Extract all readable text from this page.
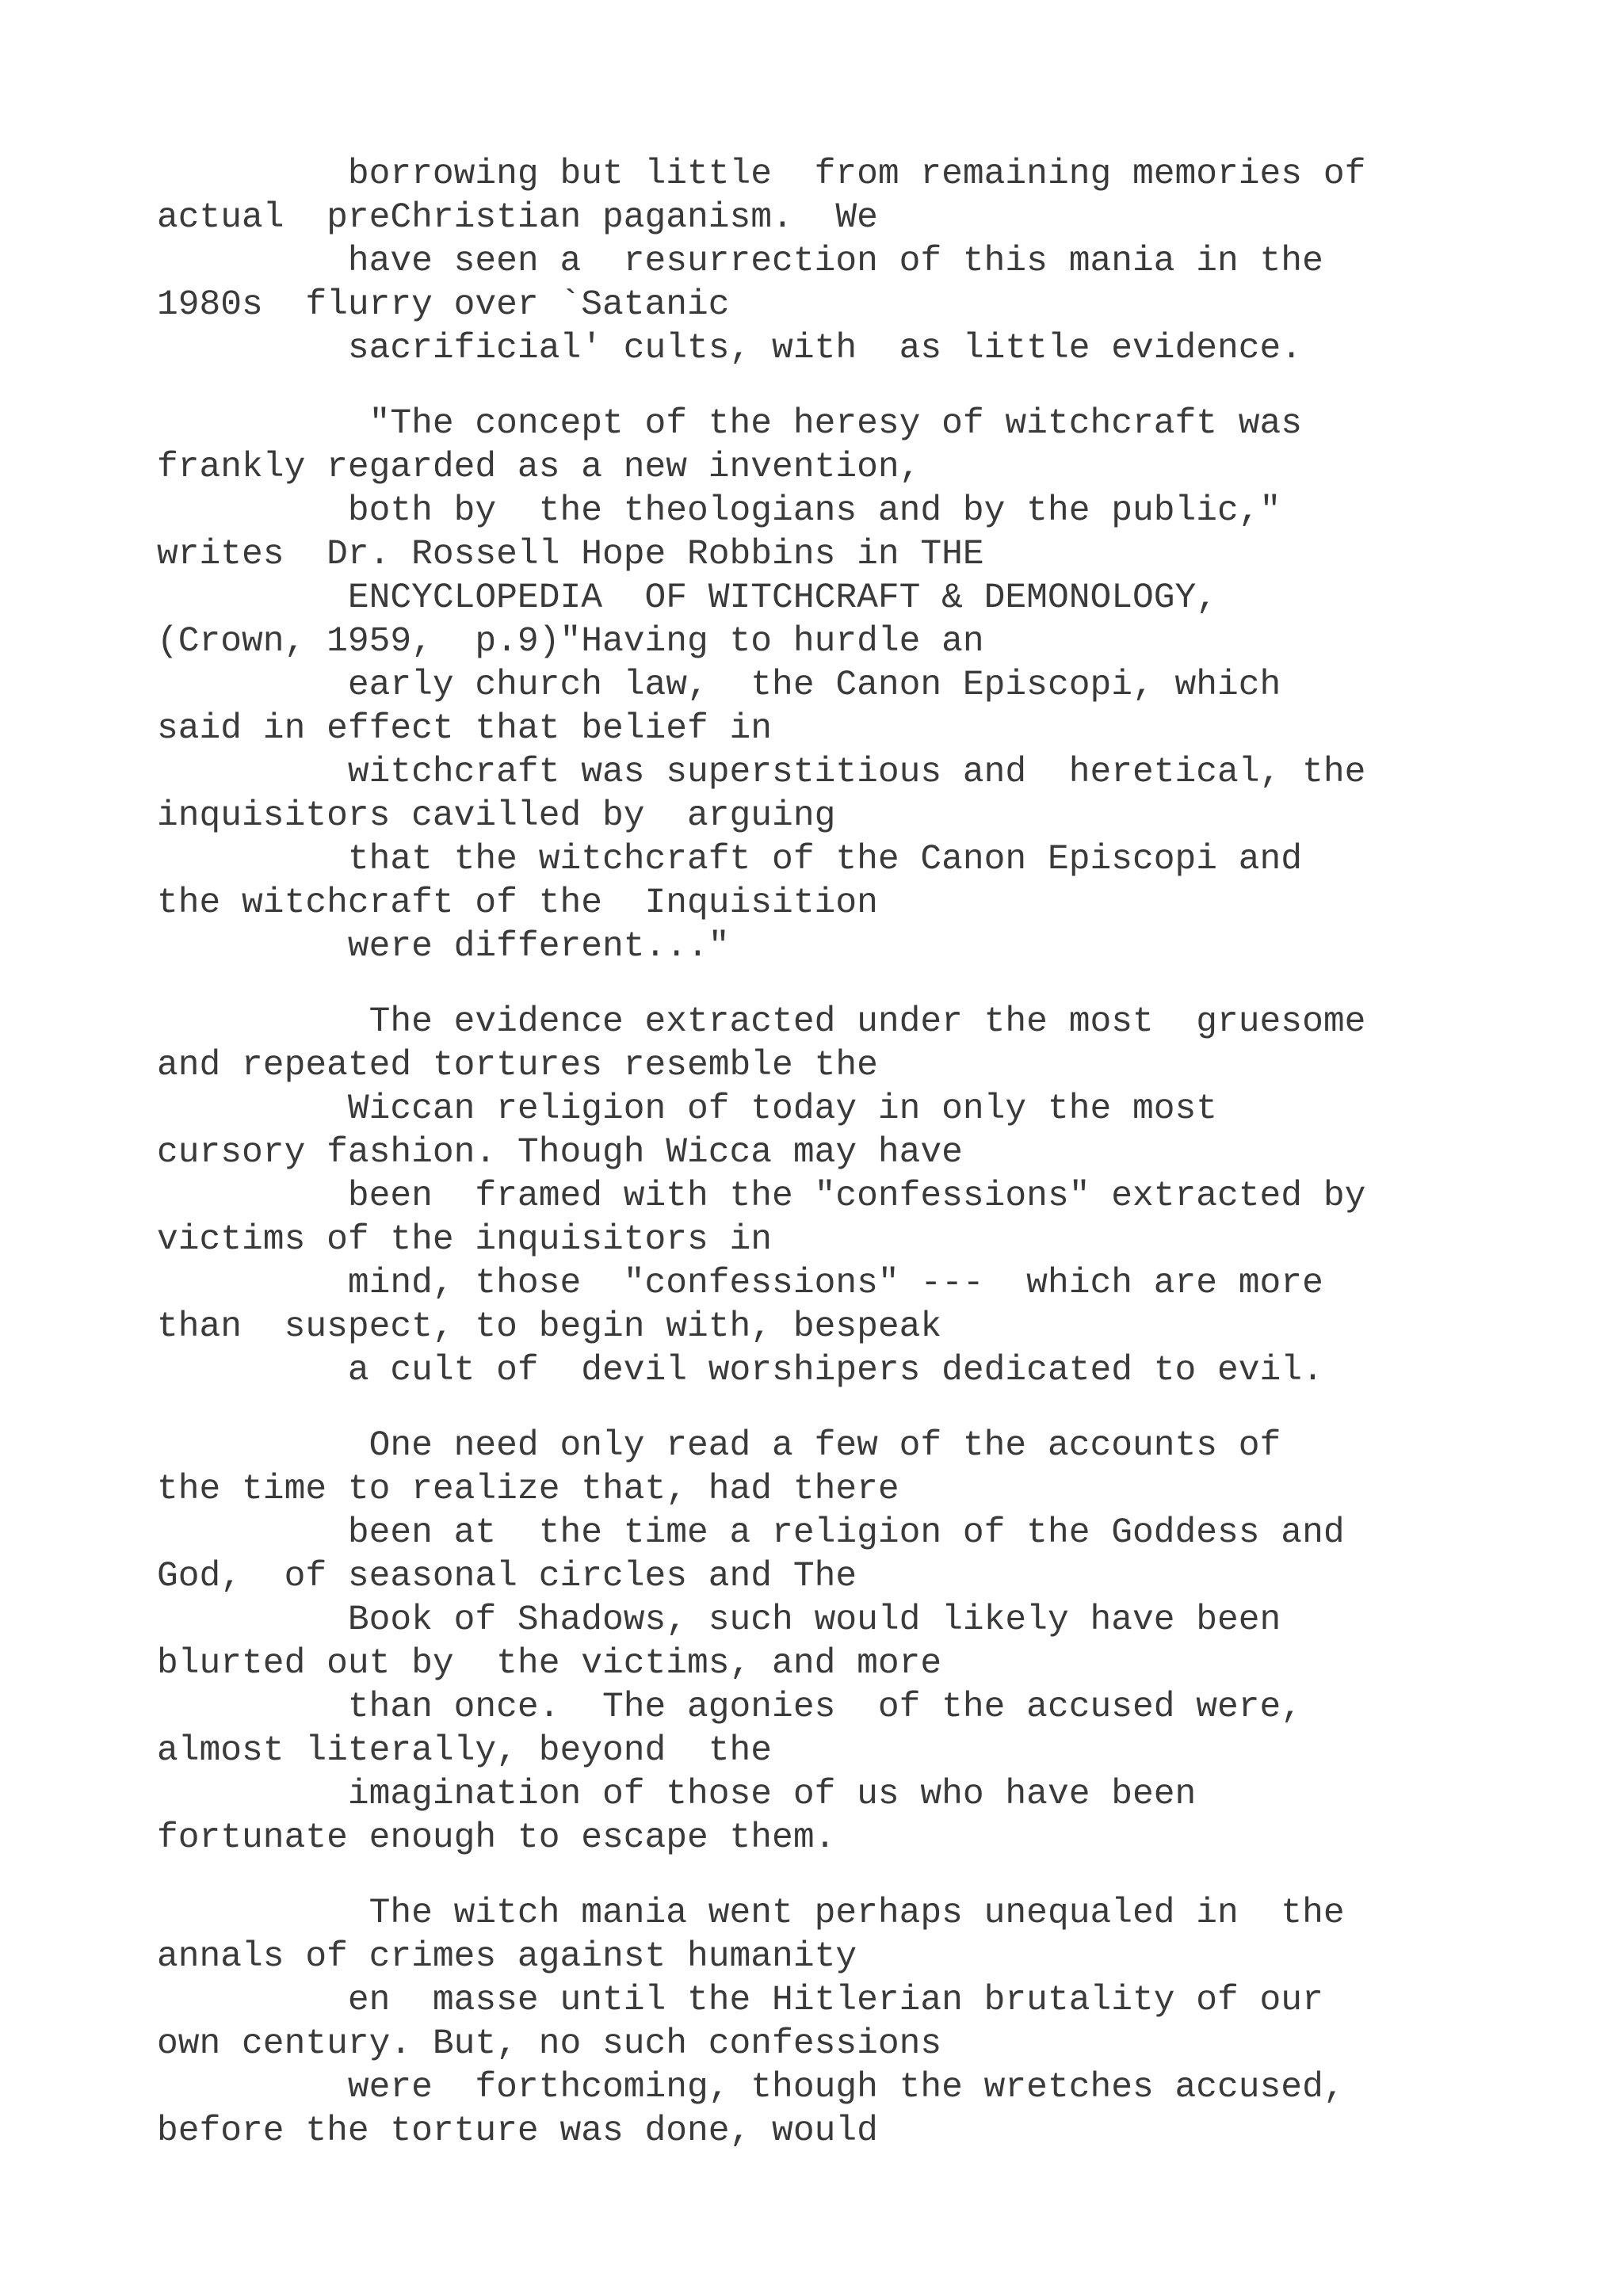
borrowing but little  from remaining memories of
actual  preChristian paganism.  We
have seen a  resurrection of this mania in the
1980s  flurry over `Satanic
sacrificial' cults, with  as little evidence.
"The concept of the heresy of witchcraft was
frankly regarded as a new invention,
both by  the theologians and by the public,"
writes  Dr. Rossell Hope Robbins in THE
ENCYCLOPEDIA  OF WITCHCRAFT & DEMONOLOGY,
(Crown, 1959,  p.9)"Having to hurdle an
early church law,  the Canon Episcopi, which
said in effect that belief in
witchcraft was superstitious and  heretical, the
inquisitors cavilled by  arguing
that the witchcraft of the Canon Episcopi and
the witchcraft of the  Inquisition
were different..."
The evidence extracted under the most  gruesome
and repeated tortures resemble the
Wiccan religion of today in only the most
cursory fashion. Though Wicca may have
been  framed with the "confessions" extracted by
victims of the inquisitors in
mind, those  "confessions" ---  which are more
than  suspect, to begin with, bespeak
a cult of  devil worshipers dedicated to evil.
One need only read a few of the accounts of
the time to realize that, had there
been at  the time a religion of the Goddess and
God,  of seasonal circles and The
Book of Shadows, such would likely have been
blurted out by  the victims, and more
than once.  The agonies  of the accused were,
almost literally, beyond  the
imagination of those of us who have been
fortunate enough to escape them.
The witch mania went perhaps unequaled in  the
annals of crimes against humanity
en  masse until the Hitlerian brutality of our
own century. But, no such confessions
were  forthcoming, though the wretches accused,
before the torture was done, would
